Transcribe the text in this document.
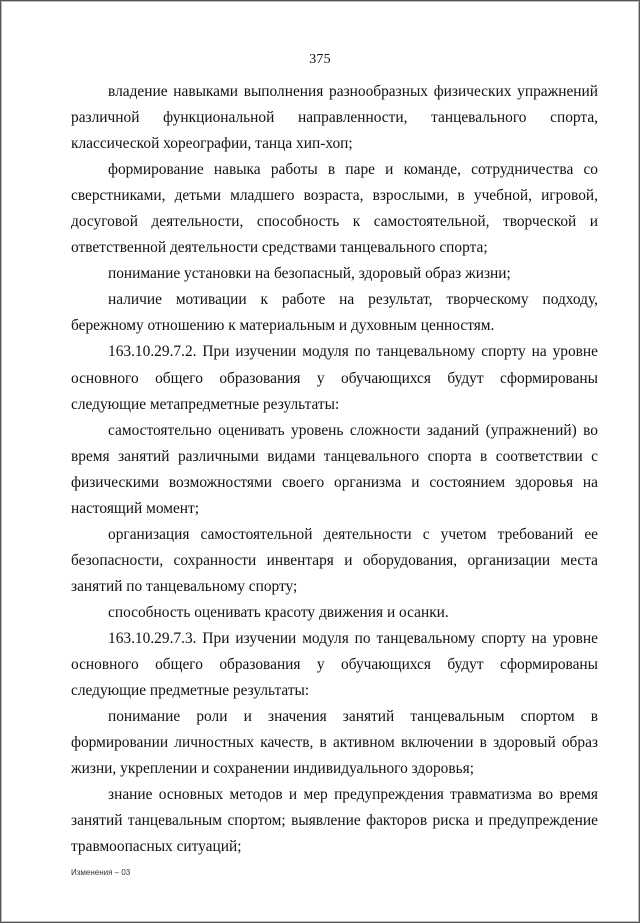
375

владение навыками выполнения разнообразных физических упражнений различной функциональной направленности, танцевального спорта, классической хореографии, танца хип-хоп;

формирование навыка работы в паре и команде, сотрудничества со сверстниками, детьми младшего возраста, взрослыми, в учебной, игровой, досуговой деятельности, способность к самостоятельной, творческой и ответственной деятельности средствами танцевального спорта;

понимание установки на безопасный, здоровый образ жизни;

наличие мотивации к работе на результат, творческому подходу, бережному отношению к материальным и духовным ценностям.

163.10.29.7.2. При изучении модуля по танцевальному спорту на уровне основного общего образования у обучающихся будут сформированы следующие метапредметные результаты:

самостоятельно оценивать уровень сложности заданий (упражнений) во время занятий различными видами танцевального спорта в соответствии с физическими возможностями своего организма и состоянием здоровья на настоящий момент;

организация самостоятельной деятельности с учетом требований ее безопасности, сохранности инвентаря и оборудования, организации места занятий по танцевальному спорту;

способность оценивать красоту движения и осанки.

163.10.29.7.3. При изучении модуля по танцевальному спорту на уровне основного общего образования у обучающихся будут сформированы следующие предметные результаты:

понимание роли и значения занятий танцевальным спортом в формировании личностных качеств, в активном включении в здоровый образ жизни, укреплении и сохранении индивидуального здоровья;

знание основных методов и мер предупреждения травматизма во время занятий танцевальным спортом; выявление факторов риска и предупреждение травмоопасных ситуаций;

Изменения – 03
